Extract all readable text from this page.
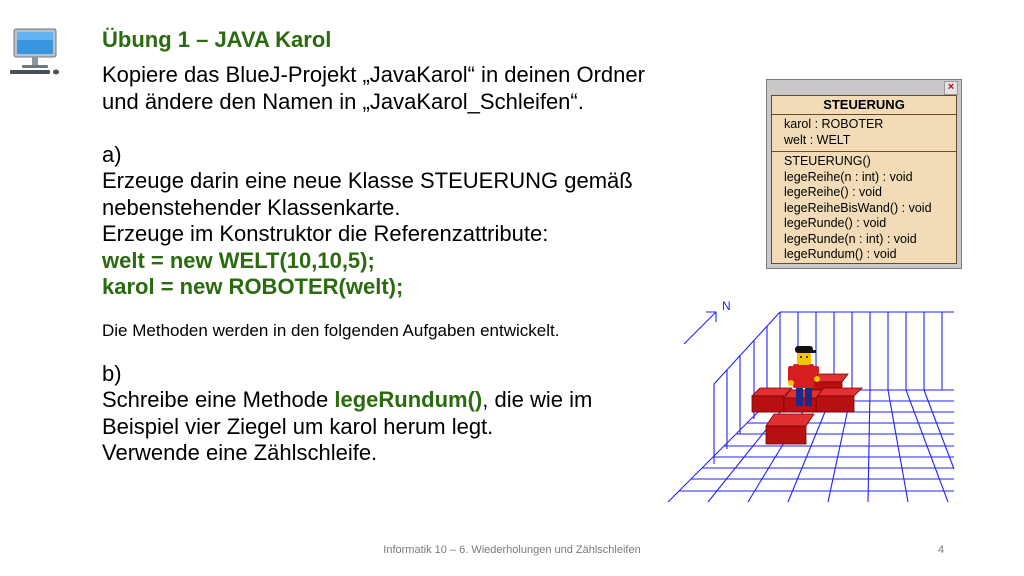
Übung 1 – JAVA Karol
Kopiere das BlueJ-Projekt „JavaKarol“ in deinen Ordner
und ändere den Namen in „JavaKarol_Schleifen“.
a)
Erzeuge darin eine neue Klasse STEUERUNG gemäß
nebenstehender Klassenkarte.
Erzeuge im Konstruktor die Referenzattribute:
welt = new WELT(10,10,5);
karol = new ROBOTER(welt);
Die Methoden werden in den folgenden Aufgaben entwickelt.
b)
Schreibe eine Methode legeRundum(), die wie im
Beispiel vier Ziegel um karol herum legt.
Verwende eine Zählschleife.
×
STEUERUNG
karol : ROBOTER
welt : WELT
STEUERUNG()
legeReihe(n : int) : void
legeReihe() : void
legeReiheBisWand() : void
legeRunde() : void
legeRunde(n : int) : void
legeRundum() : void
N
Informatik 10 – 6. Wiederholungen und Zählschleifen	4
